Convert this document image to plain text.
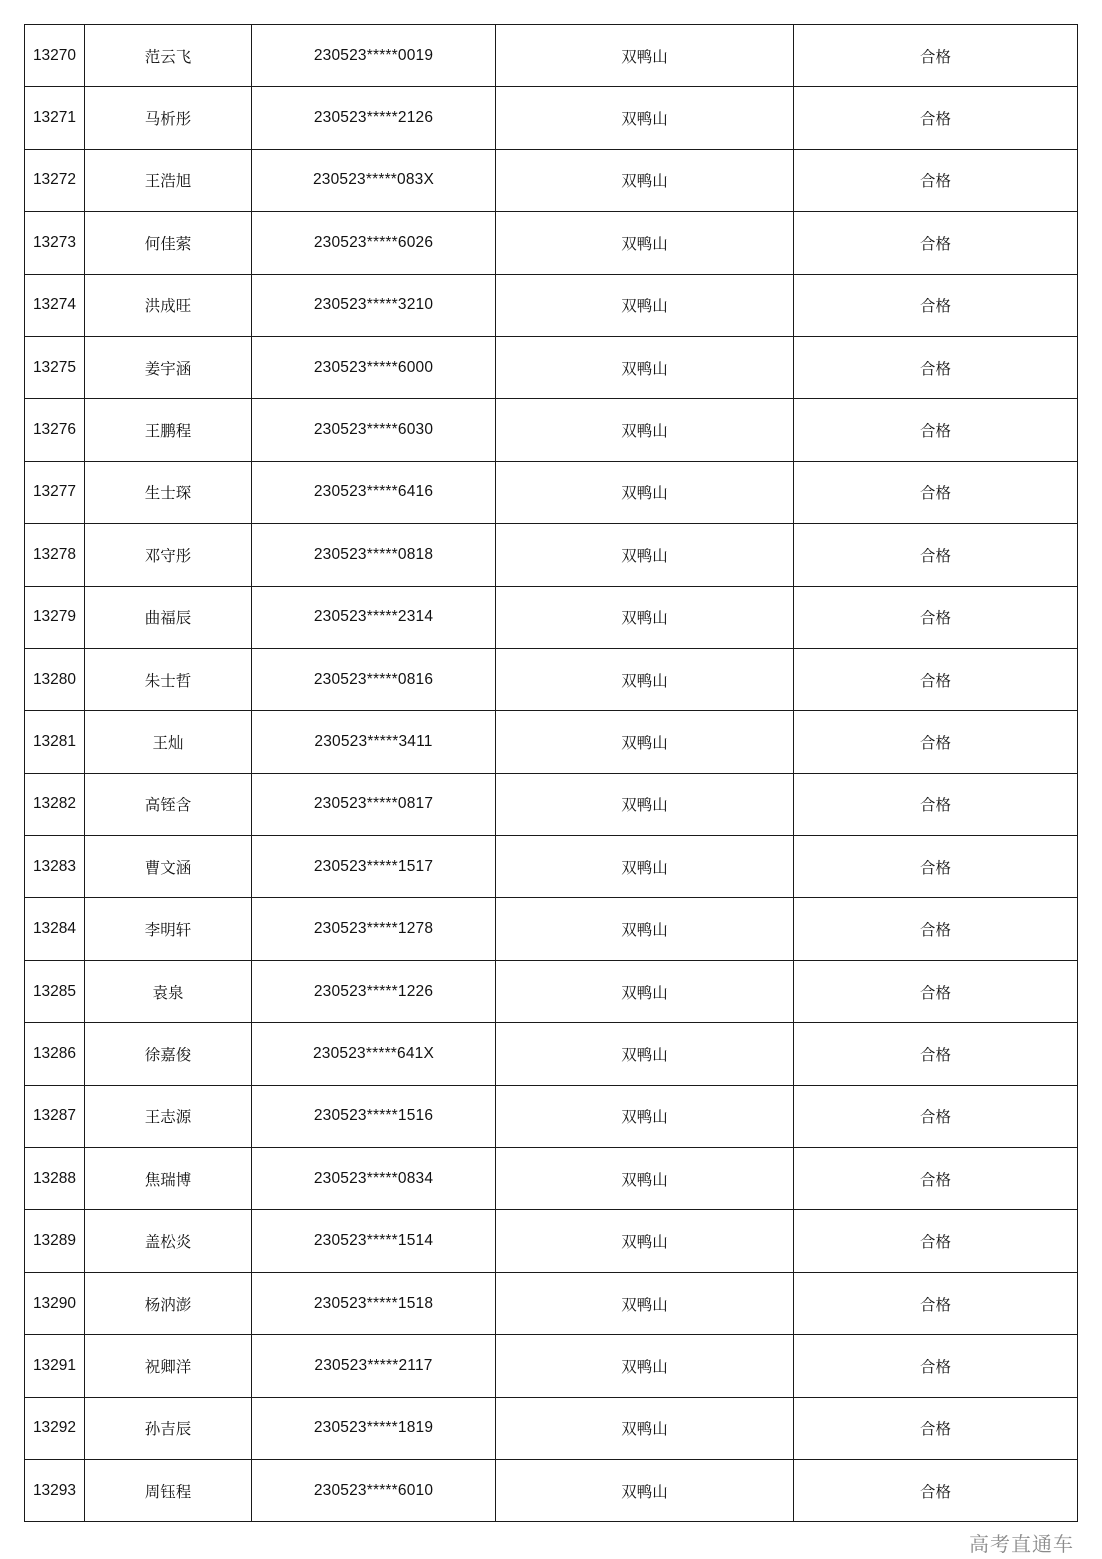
13270	范云飞	230523*****0019	双鸭山	合格
13271	马析彤	230523*****2126	双鸭山	合格
13272	王浩旭	230523*****083X	双鸭山	合格
13273	何佳萦	230523*****6026	双鸭山	合格
13274	洪成旺	230523*****3210	双鸭山	合格
13275	姜宇涵	230523*****6000	双鸭山	合格
13276	王鹏程	230523*****6030	双鸭山	合格
13277	生士琛	230523*****6416	双鸭山	合格
13278	邓守彤	230523*****0818	双鸭山	合格
13279	曲福辰	230523*****2314	双鸭山	合格
13280	朱士哲	230523*****0816	双鸭山	合格
13281	王灿	230523*****3411	双鸭山	合格
13282	高铚含	230523*****0817	双鸭山	合格
13283	曹文涵	230523*****1517	双鸭山	合格
13284	李明轩	230523*****1278	双鸭山	合格
13285	袁泉	230523*****1226	双鸭山	合格
13286	徐嘉俊	230523*****641X	双鸭山	合格
13287	王志源	230523*****1516	双鸭山	合格
13288	焦瑞博	230523*****0834	双鸭山	合格
13289	盖松炎	230523*****1514	双鸭山	合格
13290	杨汭澎	230523*****1518	双鸭山	合格
13291	祝卿洋	230523*****2117	双鸭山	合格
13292	孙吉辰	230523*****1819	双鸭山	合格
13293	周钰程	230523*****6010	双鸭山	合格
高考直通车
